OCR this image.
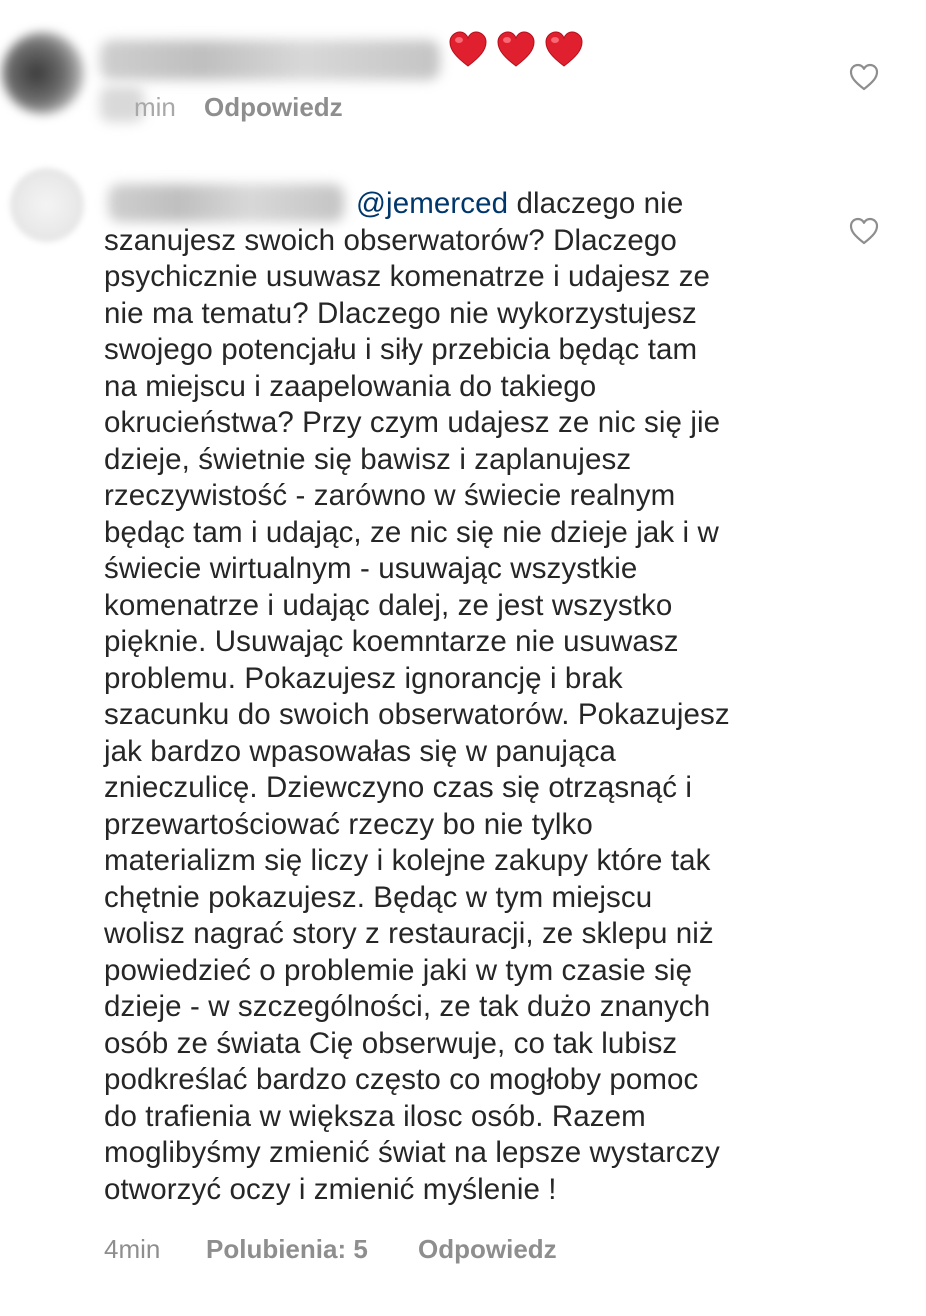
min Odpowiedz
@jemerced dlaczego nie
szanujesz swoich obserwatorów? Dlaczego
psychicznie usuwasz komenatrze i udajesz ze
nie ma tematu? Dlaczego nie wykorzystujesz
swojego potencjału i siły przebicia będąc tam
na miejscu i zaapelowania do takiego
okrucieństwa? Przy czym udajesz ze nic się jie
dzieje, świetnie się bawisz i zaplanujesz
rzeczywistość - zarówno w świecie realnym
będąc tam i udając, ze nic się nie dzieje jak i w
świecie wirtualnym - usuwając wszystkie
komenatrze i udając dalej, ze jest wszystko
pięknie. Usuwając koemntarze nie usuwasz
problemu. Pokazujesz ignorancję i brak
szacunku do swoich obserwatorów. Pokazujesz
jak bardzo wpasowałas się w panująca
znieczulicę. Dziewczyno czas się otrząsnąć i
przewartościować rzeczy bo nie tylko
materializm się liczy i kolejne zakupy które tak
chętnie pokazujesz. Będąc w tym miejscu
wolisz nagrać story z restauracji, ze sklepu niż
powiedzieć o problemie jaki w tym czasie się
dzieje - w szczególności, ze tak dużo znanych
osób ze świata Cię obserwuje, co tak lubisz
podkreślać bardzo często co mogłoby pomoc
do trafienia w większa ilosc osób. Razem
moglibyśmy zmienić świat na lepsze wystarczy
otworzyć oczy i zmienić myślenie !
4min Polubienia: 5 Odpowiedz
